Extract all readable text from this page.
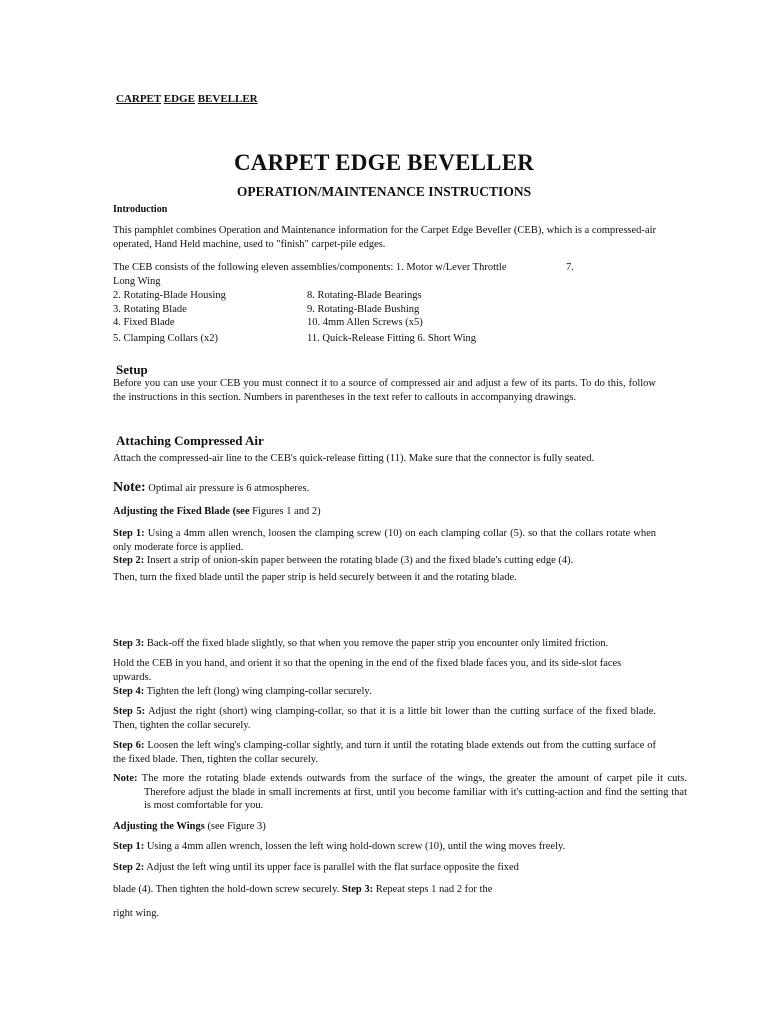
CARPET EDGE BEVELLER
CARPET EDGE BEVELLER
OPERATION/MAINTENANCE INSTRUCTIONS
Introduction
This pamphlet combines Operation and Maintenance information for the Carpet Edge Beveller (CEB), which is a compressed-air operated, Hand Held machine, used to "finish" carpet-pile edges.
The CEB consists of the following eleven assemblies/components: 1. Motor w/Lever Throttle	7.
Long Wing
2. Rotating-Blade Housing	8. Rotating-Blade Bearings
3. Rotating Blade	9. Rotating-Blade Bushing
4. Fixed Blade	10. 4mm Allen Screws (x5)
5. Clamping Collars (x2)	11. Quick-Release Fitting 6. Short Wing
Setup
Before you can use your CEB you must connect it to a source of compressed air and adjust a few of its parts. To do this, follow the instructions in this section. Numbers in parentheses in the text refer to callouts in accompanying drawings.
Attaching Compressed Air
Attach the compressed-air line to the CEB's quick-release fitting (11). Make sure that the connector is fully seated.
Note: Optimal air pressure is 6 atmospheres.
Adjusting the Fixed Blade (see Figures 1 and 2)
Step 1: Using a 4mm allen wrench, loosen the clamping screw (10) on each clamping collar (5). so that the collars rotate when only moderate force is applied.
Step 2: Insert a strip of onion-skin paper between the rotating blade (3) and the fixed blade's cutting edge (4).
Then, turn the fixed blade until the paper strip is held securely between it and the rotating blade.
Step 3: Back-off the fixed blade slightly, so that when you remove the paper strip you encounter only limited friction.
Hold the CEB in you hand, and orient it so that the opening in the end of the fixed blade faces you, and its side-slot faces upwards.
Step 4: Tighten the left (long) wing clamping-collar securely.
Step 5: Adjust the right (short) wing clamping-collar, so that it is a little bit lower than the cutting surface of the fixed blade. Then, tighten the collar securely.
Step 6: Loosen the left wing's clamping-collar sightly, and turn it until the rotating blade extends out from the cutting surface of the fixed blade. Then, tighten the collar securely.
Note: The more the rotating blade extends outwards from the surface of the wings, the greater the amount of carpet pile it cuts. Therefore adjust the blade in small increments at first, until you become familiar with it's cutting-action and find the setting that is most comfortable for you.
Adjusting the Wings (see Figure 3)
Step 1: Using a 4mm allen wrench, lossen the left wing hold-down screw (10), until the wing moves freely.
Step 2: Adjust the left wing until its upper face is parallel with the flat surface opposite the fixed
blade (4). Then tighten the hold-down screw securely. Step 3: Repeat steps 1 nad 2 for the
right wing.
